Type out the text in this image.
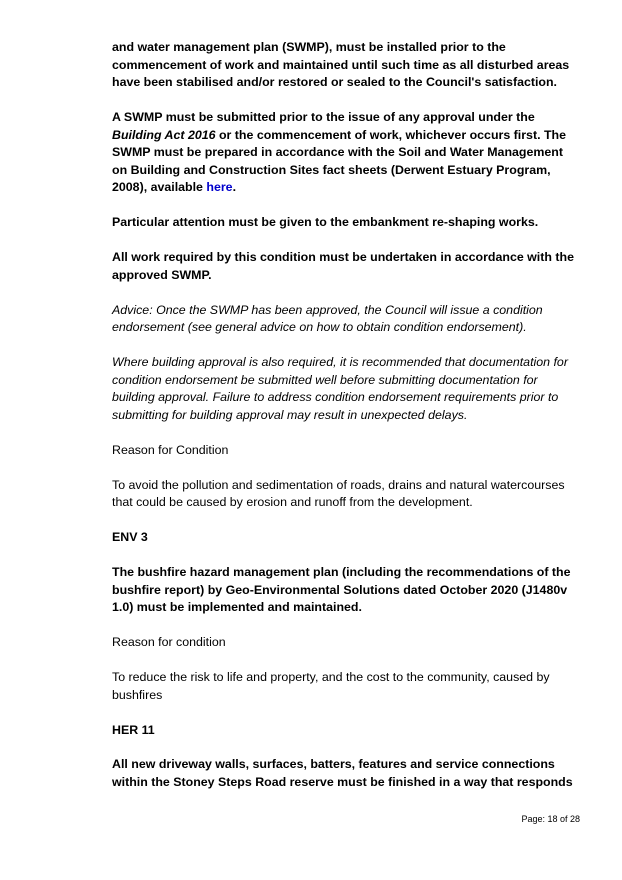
and water management plan (SWMP), must be installed prior to the
commencement of work and maintained until such time as all disturbed areas
have been stabilised and/or restored or sealed to the Council's satisfaction.

A SWMP must be submitted prior to the issue of any approval under the
Building Act 2016 or the commencement of work, whichever occurs first. The
SWMP must be prepared in accordance with the Soil and Water Management
on Building and Construction Sites fact sheets (Derwent Estuary Program,
2008), available here.

Particular attention must be given to the embankment re-shaping works.

All work required by this condition must be undertaken in accordance with the
approved SWMP.

Advice: Once the SWMP has been approved, the Council will issue a condition
endorsement (see general advice on how to obtain condition endorsement).

Where building approval is also required, it is recommended that documentation for
condition endorsement be submitted well before submitting documentation for
building approval. Failure to address condition endorsement requirements prior to
submitting for building approval may result in unexpected delays.

Reason for Condition

To avoid the pollution and sedimentation of roads, drains and natural watercourses
that could be caused by erosion and runoff from the development.

ENV 3

The bushfire hazard management plan (including the recommendations of the
bushfire report) by Geo-Environmental Solutions dated October 2020 (J1480v
1.0) must be implemented and maintained.

Reason for condition

To reduce the risk to life and property, and the cost to the community, caused by
bushfires

HER 11

All new driveway walls, surfaces, batters, features and service connections
within the Stoney Steps Road reserve must be finished in a way that responds

Page: 18 of 28
